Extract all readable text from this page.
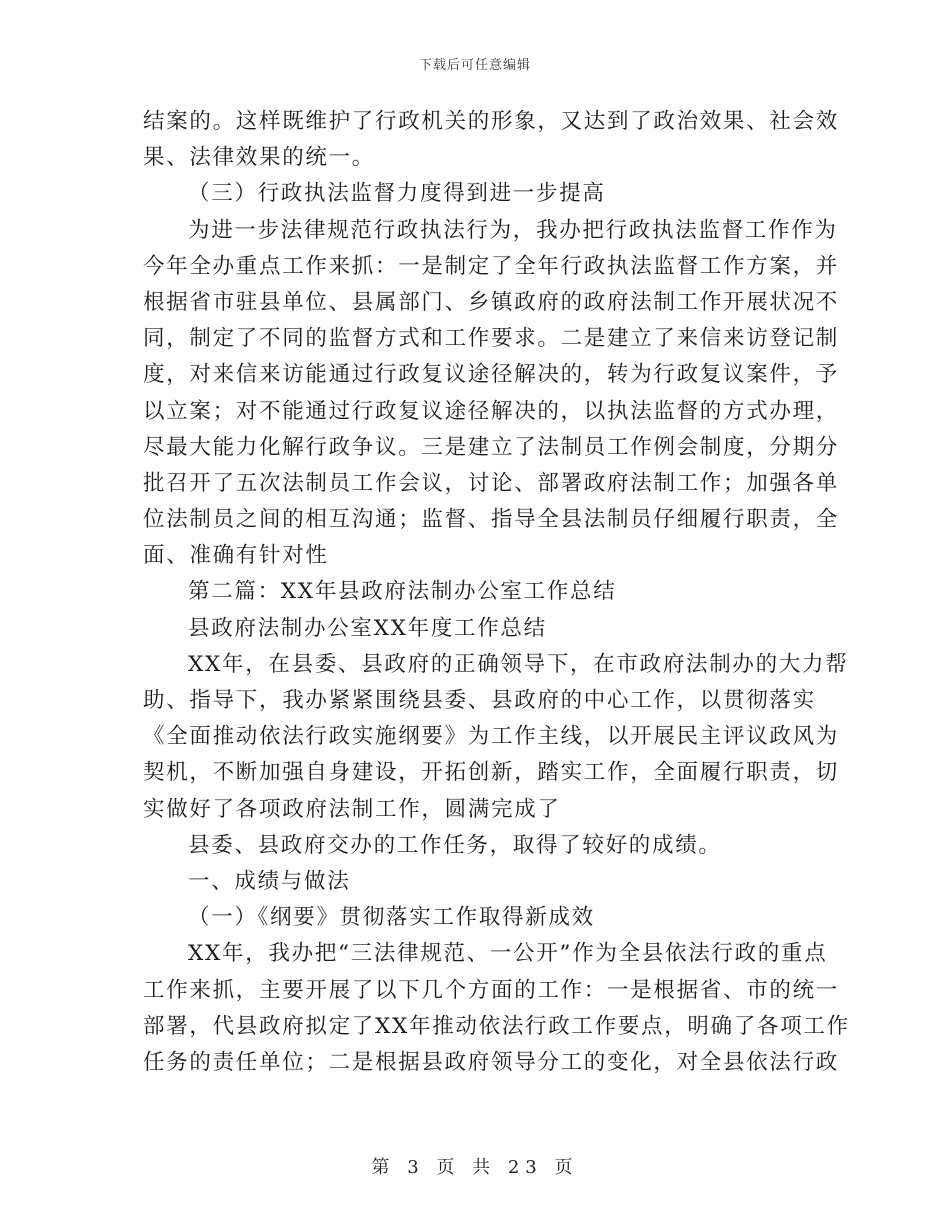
下载后可任意编辑
结案的。这样既维护了行政机关的形象，又达到了政治效果、社会效
果、法律效果的统一。
（三）行政执法监督力度得到进一步提高
为进一步法律规范行政执法行为，我办把行政执法监督工作作为
今年全办重点工作来抓：一是制定了全年行政执法监督工作方案，并
根据省市驻县单位、县属部门、乡镇政府的政府法制工作开展状况不
同，制定了不同的监督方式和工作要求。二是建立了来信来访登记制
度，对来信来访能通过行政复议途径解决的，转为行政复议案件，予
以立案；对不能通过行政复议途径解决的，以执法监督的方式办理，
尽最大能力化解行政争议。三是建立了法制员工作例会制度，分期分
批召开了五次法制员工作会议，讨论、部署政府法制工作；加强各单
位法制员之间的相互沟通；监督、指导全县法制员仔细履行职责，全
面、准确有针对性
第二篇：XX年县政府法制办公室工作总结
县政府法制办公室XX年度工作总结
XX年，在县委、县政府的正确领导下，在市政府法制办的大力帮
助、指导下，我办紧紧围绕县委、县政府的中心工作，以贯彻落实
《全面推动依法行政实施纲要》为工作主线，以开展民主评议政风为
契机，不断加强自身建设，开拓创新，踏实工作，全面履行职责，切
实做好了各项政府法制工作，圆满完成了
县委、县政府交办的工作任务，取得了较好的成绩。
一、成绩与做法
（一）《纲要》贯彻落实工作取得新成效
XX年，我办把“三法律规范、一公开”作为全县依法行政的重点
工作来抓，主要开展了以下几个方面的工作：一是根据省、市的统一
部署，代县政府拟定了XX年推动依法行政工作要点，明确了各项工作
任务的责任单位；二是根据县政府领导分工的变化，对全县依法行政
第 3 页 共 23 页
